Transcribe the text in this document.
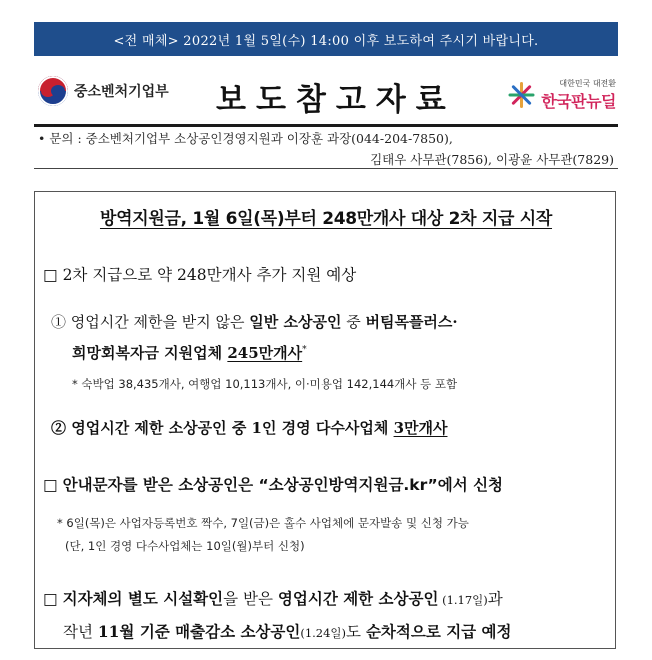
<전 매체> 2022년 1월 5일(수) 14:00 이후 보도하여 주시기 바랍니다.
중소벤처기업부 보도참고자료	대한민국 대전환
한국판뉴딜
• 문의 : 중소벤처기업부 소상공인경영지원과 이장훈 과장(044-204-7850),
김태우 사무관(7856), 이광윤 사무관(7829)
방역지원금, 1월 6일(목)부터 248만개사 대상 2차 지급 시작
□ 2차 지급으로 약 248만개사 추가 지원 예상
① 영업시간 제한을 받지 않은 일반 소상공인 중 버팀목플러스·
희망회복자금 지원업체 245만개사*
* 숙박업 38,435개사, 여행업 10,113개사, 이·미용업 142,144개사 등 포함
② 영업시간 제한 소상공인 중 1인 경영 다수사업체 3만개사
□ 안내문자를 받은 소상공인은 “소상공인방역지원금.kr”에서 신청
* 6일(목)은 사업자등록번호 짝수, 7일(금)은 홀수 사업체에 문자발송 및 신청 가능
(단, 1인 경영 다수사업체는 10일(월)부터 신청)
□ 지자체의 별도 시설확인을 받은 영업시간 제한 소상공인 (1.17일)과
작년 11월 기준 매출감소 소상공인(1.24일)도 순차적으로 지급 예정
